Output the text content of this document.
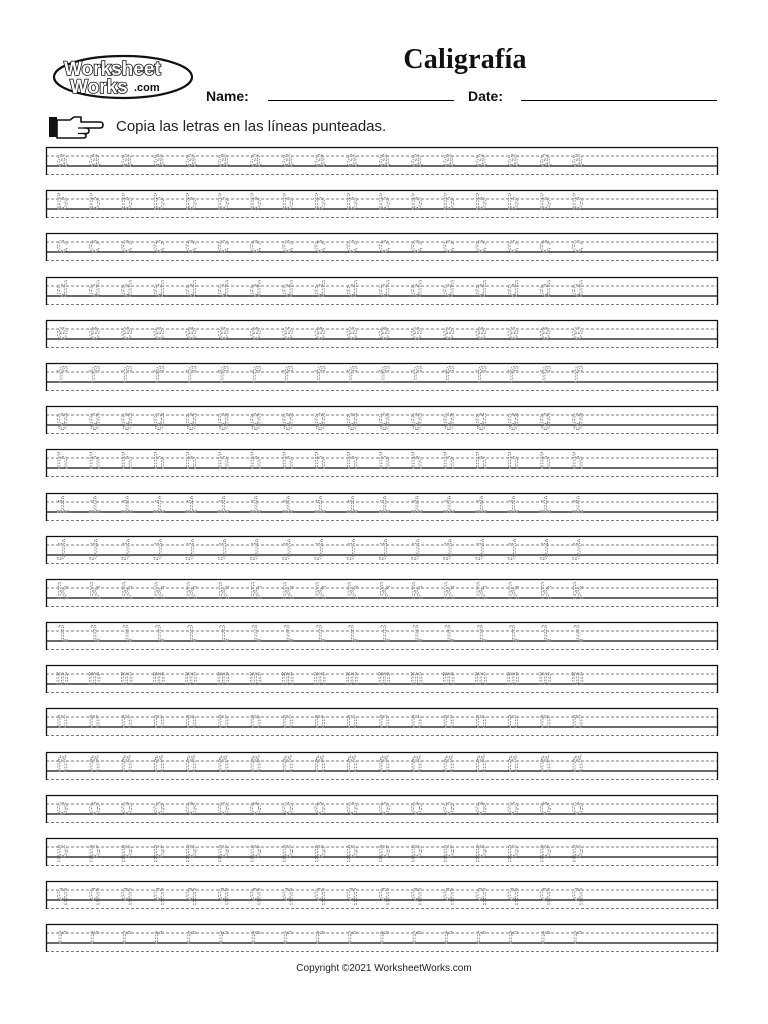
Worksheet
Works .com
Caligrafía
Name:	Date:
Copia las letras en las líneas punteadas.
a a a a a a a a a a a a a a a a a
b b b b b b b b b b b b b b b b b
c c c c c c c c c c c c c c c c c
d d d d d d d d d d d d d d d d d
e e e e e e e e e e e e e e e e e
f f f f f f f f f f f f f f f f f
g g g g g g g g g g g g g g g g g
h h h h h h h h h h h h h h h h h
i i i i i i i i i i i i i i i i i
j j j j j j j j j j j j j j j j j
k k k k k k k k k k k k k k k k k
l l l l l l l l l l l l l l l l l
m m m m m m m m m m m m m m m m m
n n n n n n n n n n n n n n n n n
ñ ñ ñ ñ ñ ñ ñ ñ ñ ñ ñ ñ ñ ñ ñ ñ ñ
o o o o o o o o o o o o o o o o o
p p p p p p p p p p p p p p p p p
q q q q q q q q q q q q q q q q q
r r r r r r r r r r r r r r r r r
Copyright ©2021 WorksheetWorks.com
